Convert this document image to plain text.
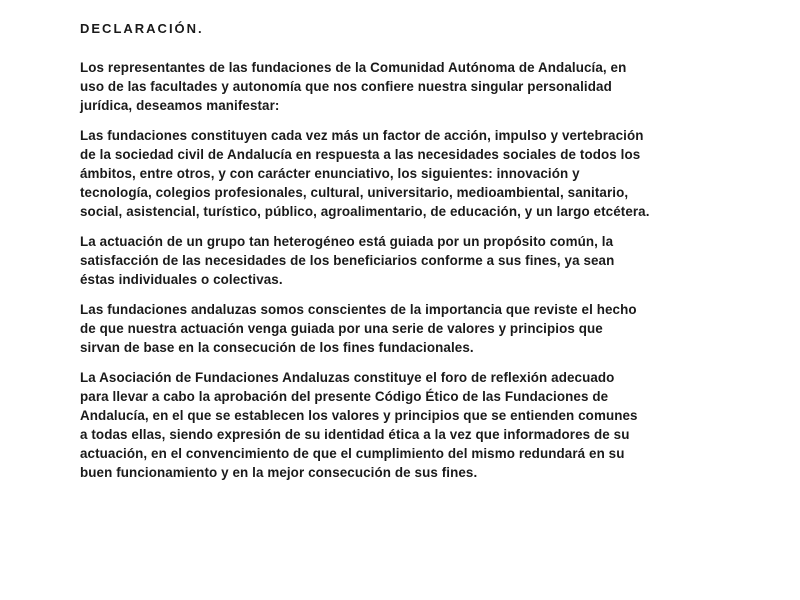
DECLARACIÓN.
Los representantes de las fundaciones de la Comunidad Autónoma de Andalucía, en
uso de las facultades y autonomía que nos confiere nuestra singular personalidad
jurídica, deseamos manifestar:
Las fundaciones constituyen cada vez más un factor de acción, impulso y vertebración
de la sociedad civil de Andalucía en respuesta a las necesidades sociales de todos los
ámbitos, entre otros, y con carácter enunciativo, los siguientes: innovación y
tecnología, colegios profesionales, cultural, universitario, medioambiental, sanitario,
social, asistencial, turístico, público, agroalimentario, de educación, y un largo etcétera.
La actuación de un grupo tan heterogéneo está guiada por un propósito común, la
satisfacción de las necesidades de los beneficiarios conforme a sus fines, ya sean
éstas individuales o colectivas.
Las fundaciones andaluzas somos conscientes de la importancia que reviste el hecho
de que nuestra actuación venga guiada por una serie de valores y principios que
sirvan de base en la consecución de los fines fundacionales.
La Asociación de Fundaciones Andaluzas constituye el foro de reflexión adecuado
para llevar a cabo la aprobación del presente Código Ético de las Fundaciones de
Andalucía, en el que se establecen los valores y principios que se entienden comunes
a todas ellas, siendo expresión de su identidad ética a la vez que informadores de su
actuación, en el convencimiento de que el cumplimiento del mismo redundará en su
buen funcionamiento y en la mejor consecución de sus fines.
